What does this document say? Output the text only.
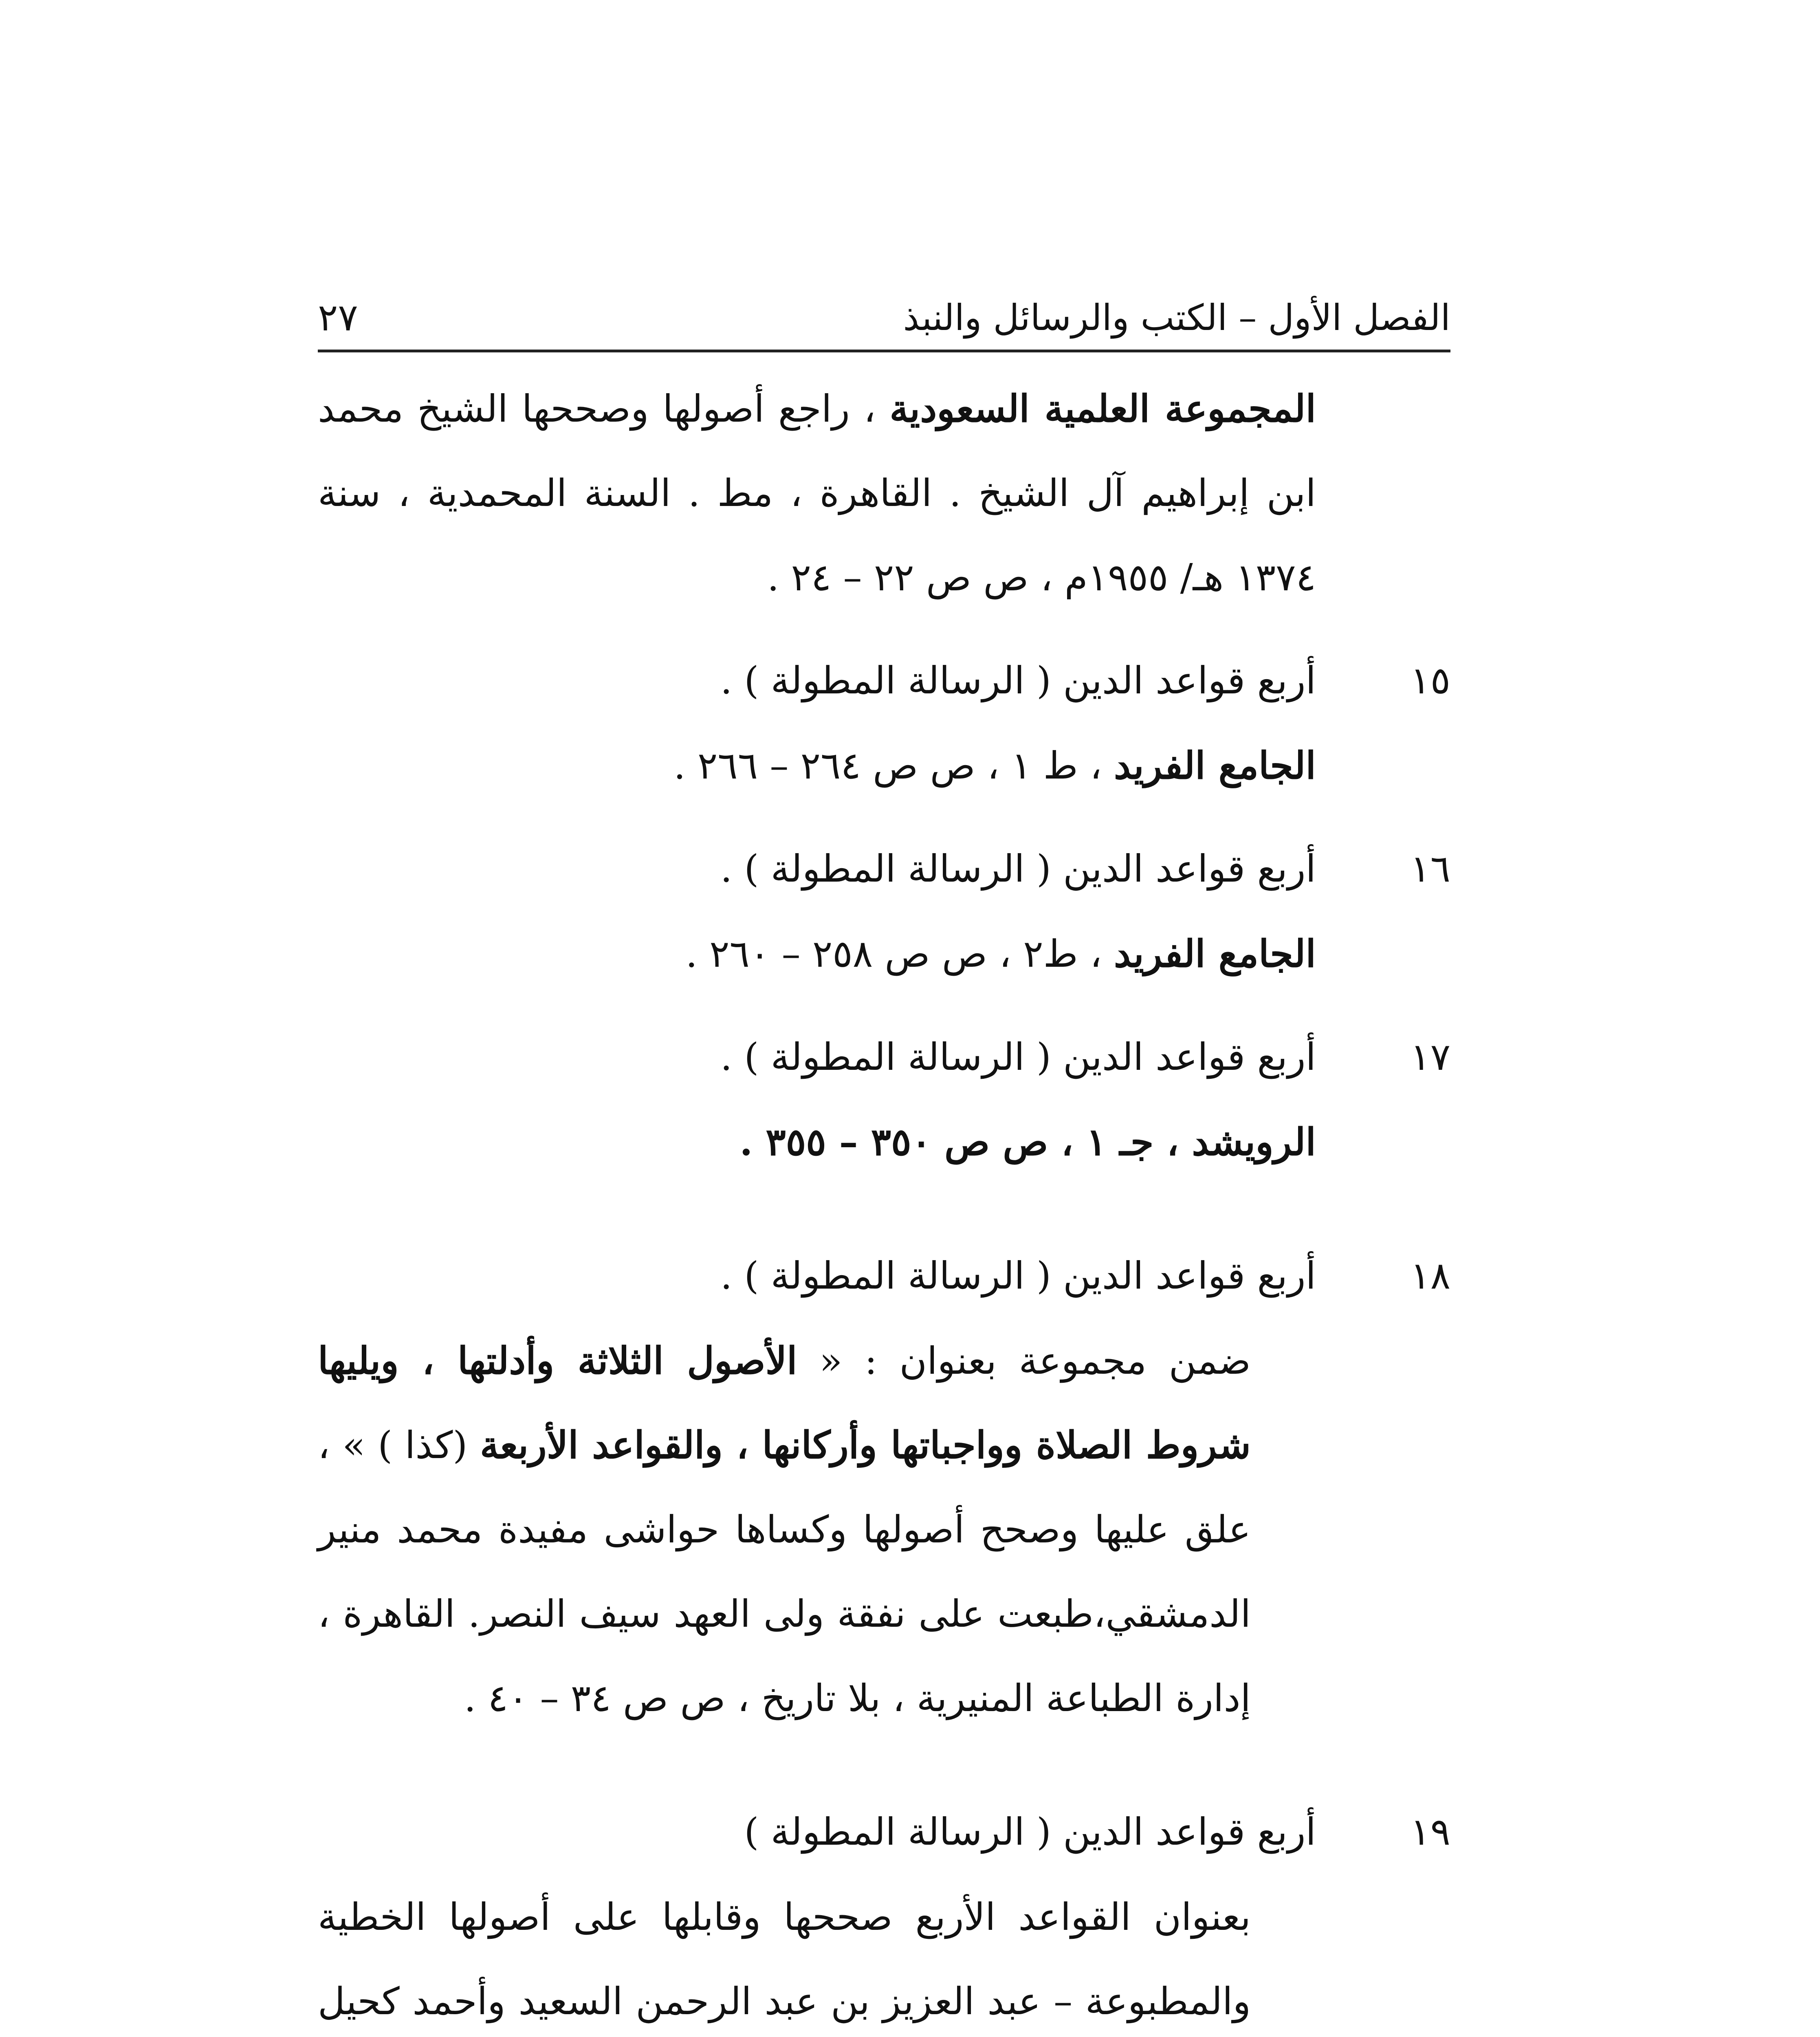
الفصل الأول – الكتب والرسائل والنبذ
٢٧
المجموعة العلمية السعودية ، راجع أصولها وصححها الشيخ محمد ابن إبراهيم آل الشيخ . القاهرة ، مط . السنة المحمدية ، سنة ١٣٧٤ هـ/ ١٩٥٥م ، ص ص ٢٢ – ٢٤ .
١٥
أربع قواعد الدين ( الرسالة المطولة ) .
الجامع الفريد ، ط ١ ، ص ص ٢٦٤ – ٢٦٦ .
١٦
أربع قواعد الدين ( الرسالة المطولة ) .
الجامع الفريد ، ط٢ ، ص ص ٢٥٨ – ٢٦٠ .
١٧
أربع قواعد الدين ( الرسالة المطولة ) .
الرويشد ، جـ ١ ، ص ص ٣٥٠ – ٣٥٥ .
١٨
أربع قواعد الدين ( الرسالة المطولة ) .
ضمن مجموعة بعنوان : « الأصول الثلاثة وأدلتها ، ويليها شروط الصلاة وواجباتها وأركانها ، والقواعد الأربعة (كذا ) » ، علق عليها وصحح أصولها وكساها حواشى مفيدة محمد منير الدمشقي،طبعت على نفقة ولى العهد سيف النصر. القاهرة ، إدارة الطباعة المنيرية ، بلا تاريخ ، ص ص ٣٤ – ٤٠ .
١٩
أربع قواعد الدين ( الرسالة المطولة )
بعنوان القواعد الأربع صححها وقابلها على أصولها الخطية والمطبوعة – عبد العزيز بن عبد الرحمن السعيد وأحمد كحيل
